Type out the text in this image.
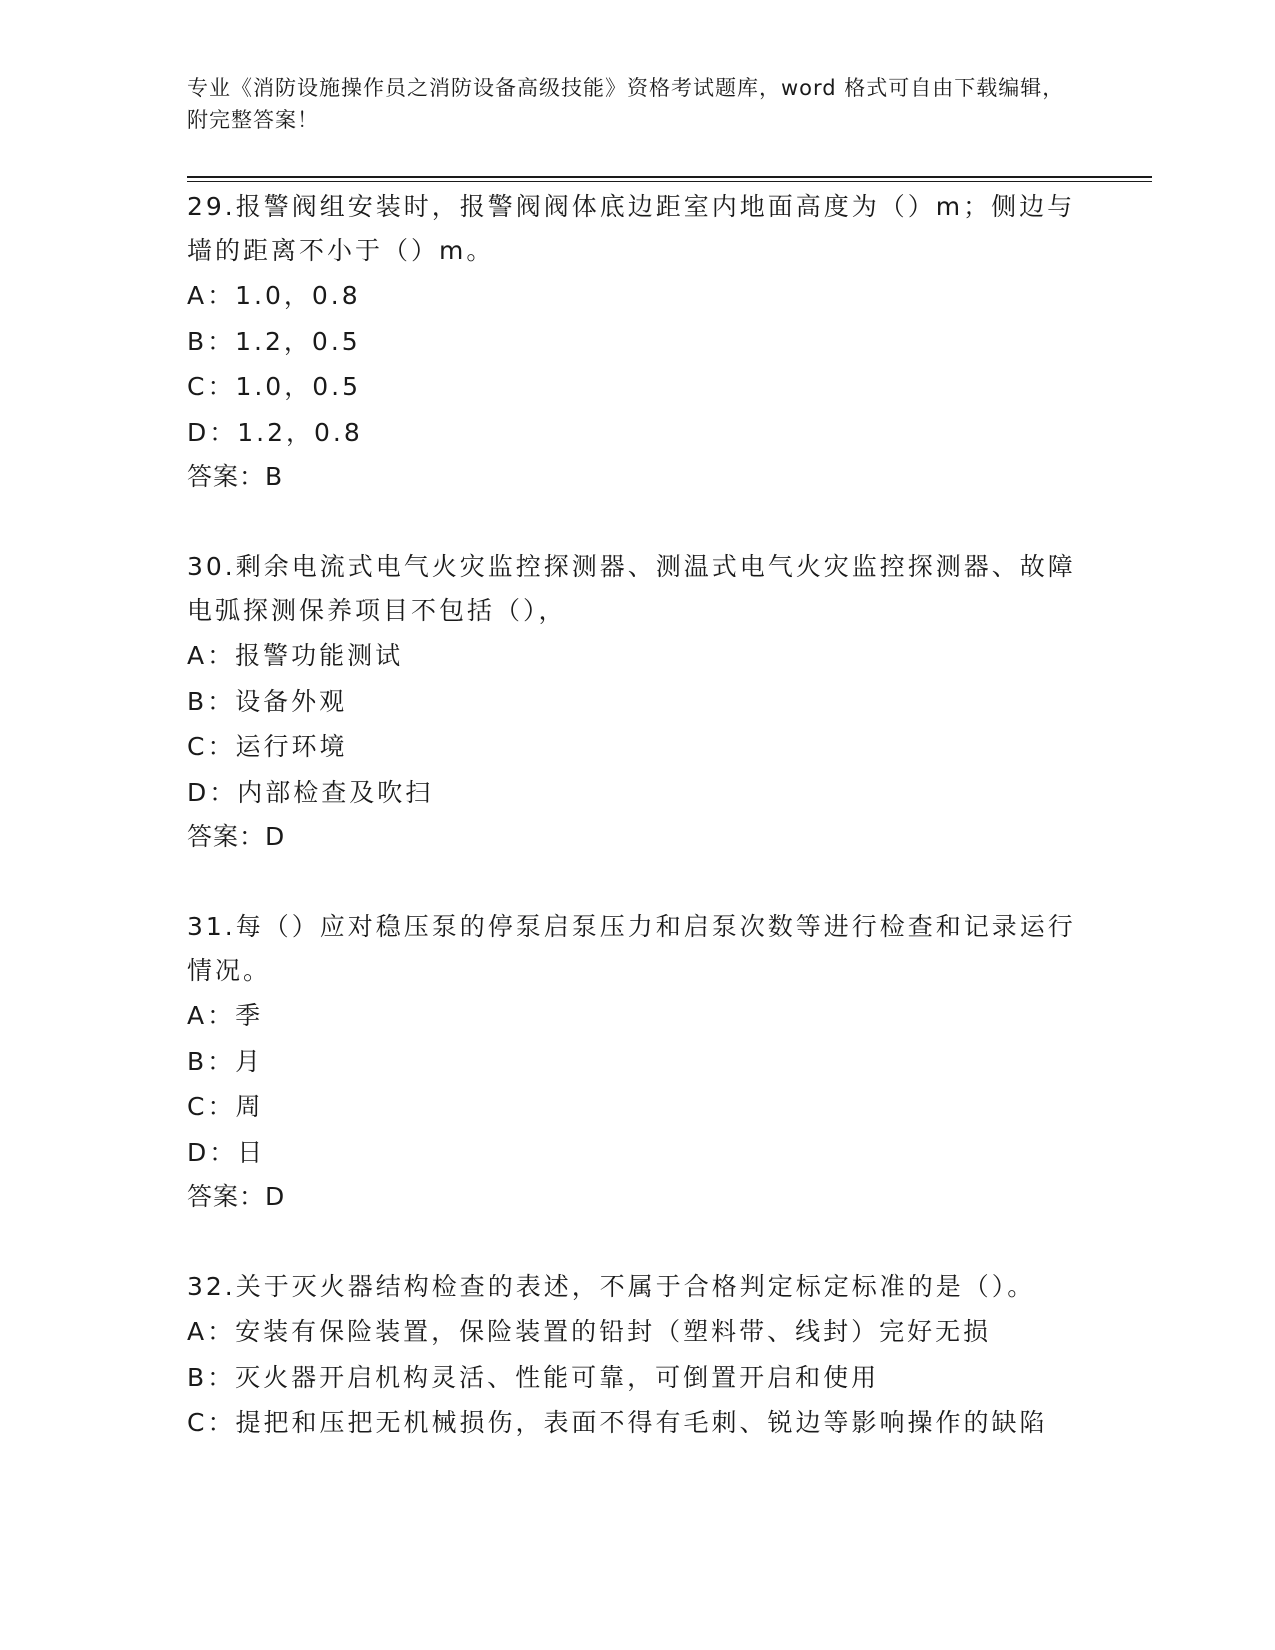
专业《消防设施操作员之消防设备高级技能》资格考试题库，word 格式可自由下载编辑，附完整答案！

29.报警阀组安装时，报警阀阀体底边距室内地面高度为（）m；侧边与墙的距离不小于（）m。

A：1.0，0.8

B：1.2，0.5

C：1.0，0.5

D：1.2，0.8

答案：B

30.剩余电流式电气火灾监控探测器、测温式电气火灾监控探测器、故障电弧探测保养项目不包括（），

A：报警功能测试

B：设备外观

C：运行环境

D：内部检查及吹扫

答案：D

31.每（）应对稳压泵的停泵启泵压力和启泵次数等进行检查和记录运行情况。

A：季

B：月

C：周

D：日

答案：D

32.关于灭火器结构检查的表述，不属于合格判定标定标准的是（）。

A：安装有保险装置，保险装置的铅封（塑料带、线封）完好无损

B：灭火器开启机构灵活、性能可靠，可倒置开启和使用

C：提把和压把无机械损伤，表面不得有毛刺、锐边等影响操作的缺陷
